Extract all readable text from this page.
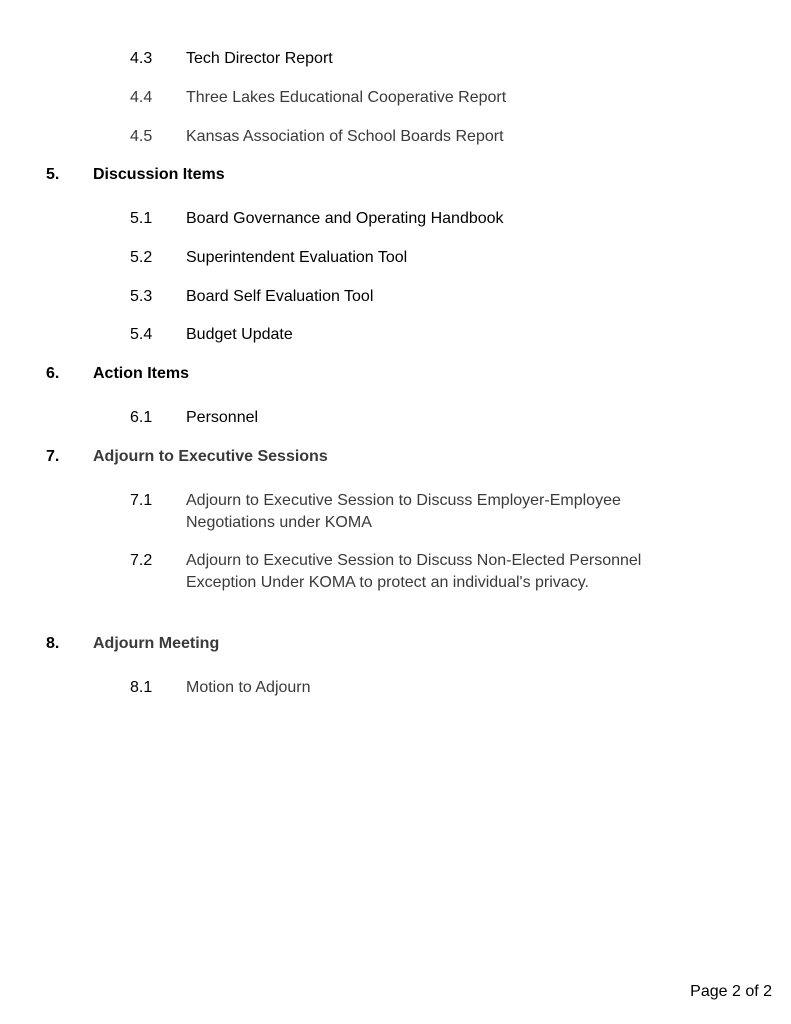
4.3 Tech Director Report
4.4 Three Lakes Educational Cooperative Report
4.5 Kansas Association of School Boards Report
5. Discussion Items
5.1 Board Governance and Operating Handbook
5.2 Superintendent Evaluation Tool
5.3 Board Self Evaluation Tool
5.4 Budget Update
6. Action Items
6.1 Personnel
7. Adjourn to Executive Sessions
7.1 Adjourn to Executive Session to Discuss Employer-Employee Negotiations under KOMA
7.2 Adjourn to Executive Session to Discuss Non-Elected Personnel Exception Under KOMA to protect an individual's privacy.
8. Adjourn Meeting
8.1 Motion to Adjourn
Page 2 of 2
